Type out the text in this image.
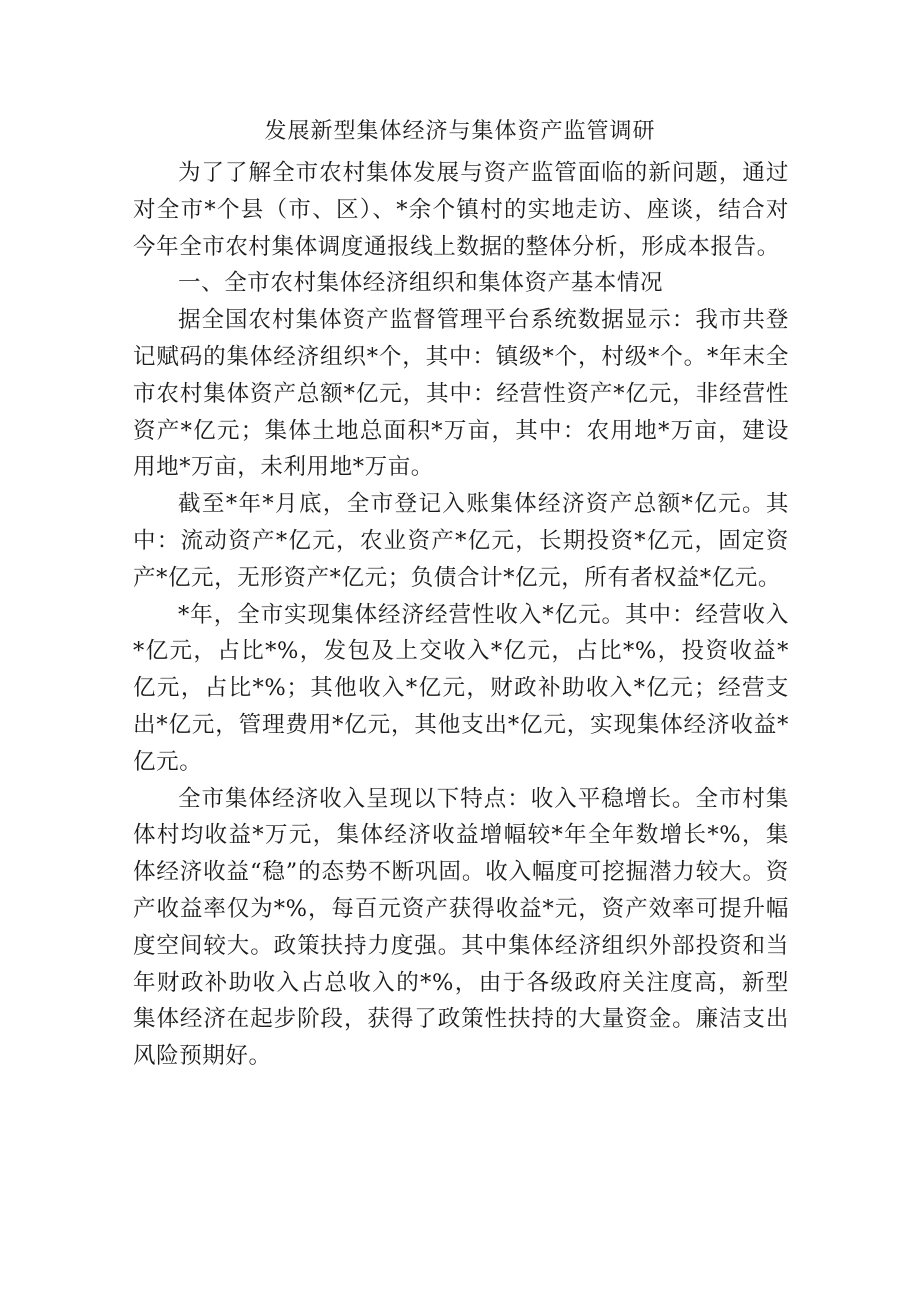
发展新型集体经济与集体资产监管调研

为了了解全市农村集体发展与资产监管面临的新问题，通过对全市*个县（市、区）、*余个镇村的实地走访、座谈，结合对今年全市农村集体调度通报线上数据的整体分析，形成本报告。

一、全市农村集体经济组织和集体资产基本情况

据全国农村集体资产监督管理平台系统数据显示：我市共登记赋码的集体经济组织*个，其中：镇级*个，村级*个。*年末全市农村集体资产总额*亿元，其中：经营性资产*亿元，非经营性资产*亿元；集体土地总面积*万亩，其中：农用地*万亩，建设用地*万亩，未利用地*万亩。

截至*年*月底，全市登记入账集体经济资产总额*亿元。其中：流动资产*亿元，农业资产*亿元，长期投资*亿元，固定资产*亿元，无形资产*亿元；负债合计*亿元，所有者权益*亿元。

*年，全市实现集体经济经营性收入*亿元。其中：经营收入*亿元，占比*%，发包及上交收入*亿元，占比*%，投资收益*亿元，占比*%；其他收入*亿元，财政补助收入*亿元；经营支出*亿元，管理费用*亿元，其他支出*亿元，实现集体经济收益*亿元。

全市集体经济收入呈现以下特点：收入平稳增长。全市村集体村均收益*万元，集体经济收益增幅较*年全年数增长*%，集体经济收益“稳”的态势不断巩固。收入幅度可挖掘潜力较大。资产收益率仅为*%，每百元资产获得收益*元，资产效率可提升幅度空间较大。政策扶持力度强。其中集体经济组织外部投资和当年财政补助收入占总收入的*%，由于各级政府关注度高，新型集体经济在起步阶段，获得了政策性扶持的大量资金。廉洁支出风险预期好。
